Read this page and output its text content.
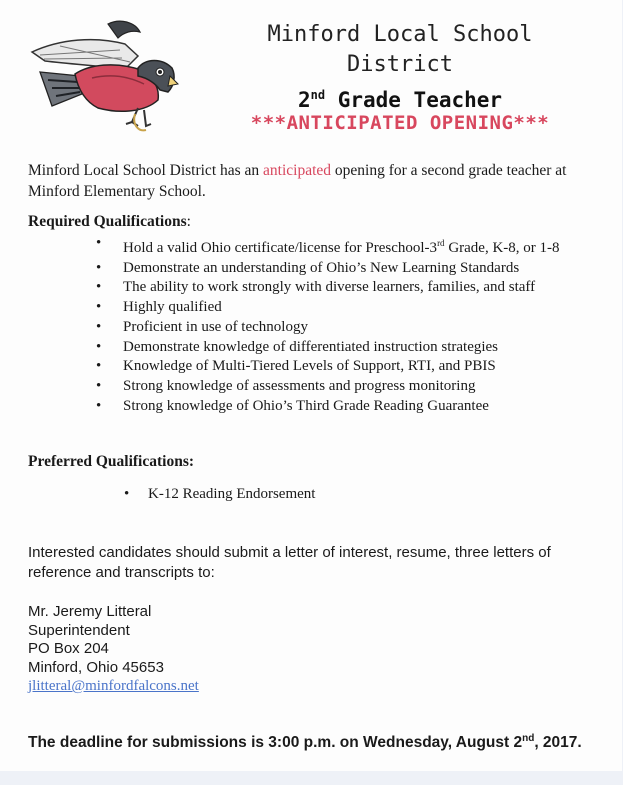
Minford Local School
District
2nd Grade Teacher
***ANTICIPATED OPENING***
Minford Local School District has an anticipated opening for a second grade teacher at Minford Elementary School.
Required Qualifications:
• Hold a valid Ohio certificate/license for Preschool-3rd Grade, K-8, or 1-8
• Demonstrate an understanding of Ohio’s New Learning Standards
• The ability to work strongly with diverse learners, families, and staff
• Highly qualified
• Proficient in use of technology
• Demonstrate knowledge of differentiated instruction strategies
• Knowledge of Multi-Tiered Levels of Support, RTI, and PBIS
• Strong knowledge of assessments and progress monitoring
• Strong knowledge of Ohio’s Third Grade Reading Guarantee
Preferred Qualifications:
• K-12 Reading Endorsement
Interested candidates should submit a letter of interest, resume, three letters of reference and transcripts to:
Mr. Jeremy Litteral
Superintendent
PO Box 204
Minford, Ohio 45653
jlitteral@minfordfalcons.net
The deadline for submissions is 3:00 p.m. on Wednesday, August 2nd, 2017.
